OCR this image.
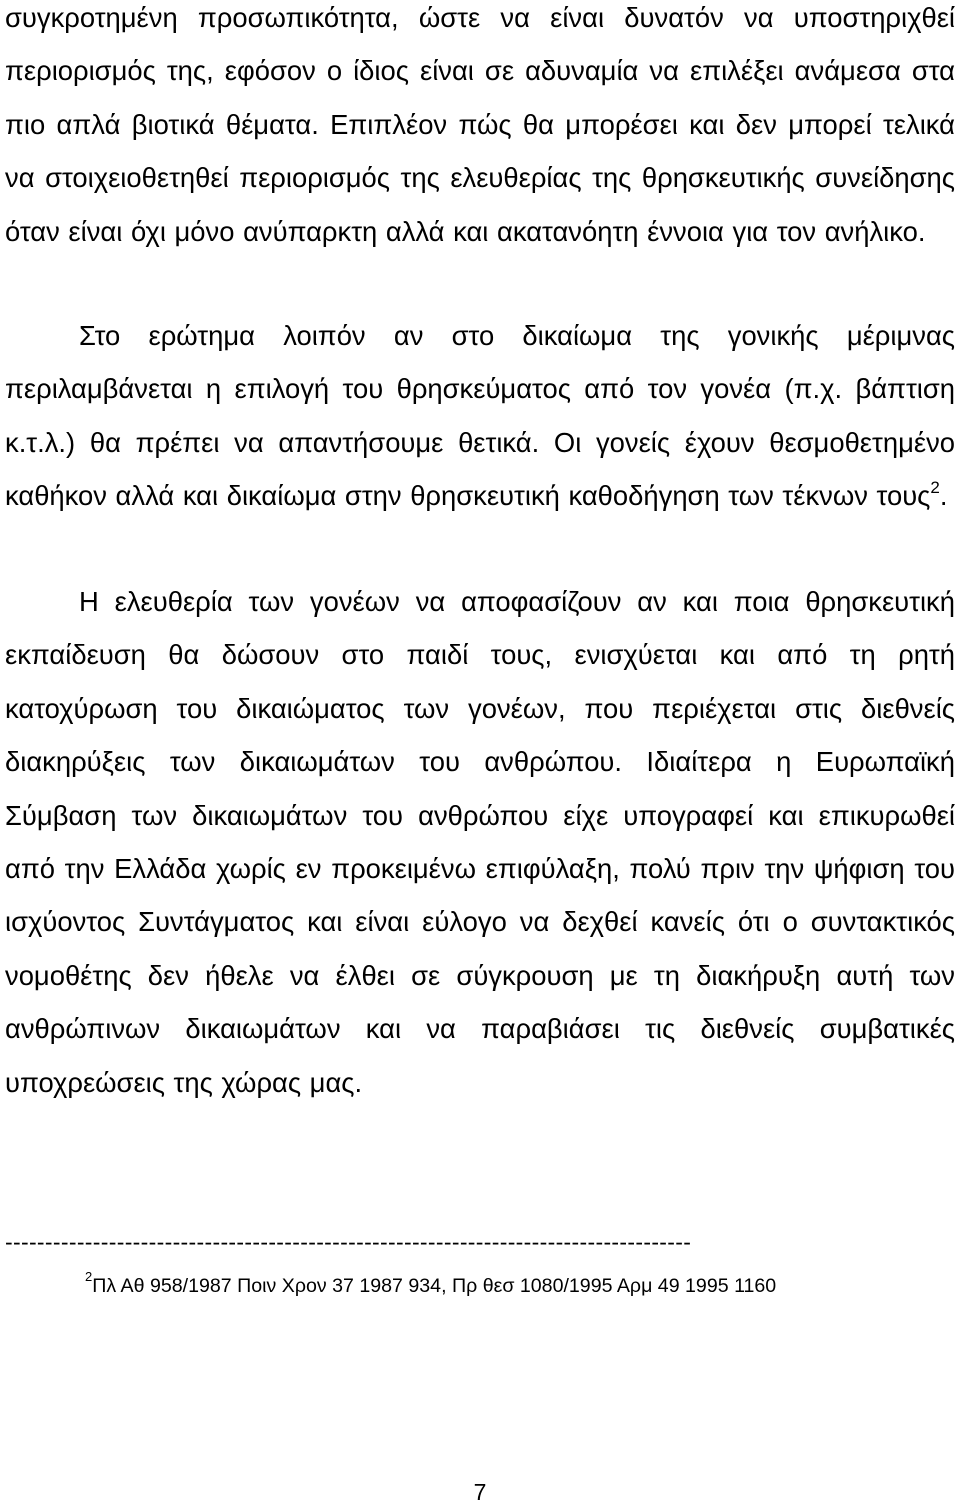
συγκροτημένη προσωπικότητα, ώστε να είναι δυνατόν να υποστηριχθεί περιορισμός της, εφόσον ο ίδιος είναι σε αδυναμία να επιλέξει ανάμεσα στα πιο απλά βιοτικά θέματα. Επιπλέον πώς θα μπορέσει και δεν μπορεί τελικά να στοιχειοθετηθεί περιορισμός της ελευθερίας της θρησκευτικής συνείδησης όταν είναι όχι μόνο ανύπαρκτη αλλά και ακατανόητη έννοια για τον ανήλικο.

Στο ερώτημα λοιπόν αν στο δικαίωμα της γονικής μέριμνας περιλαμβάνεται η επιλογή του θρησκεύματος από τον γονέα (π.χ. βάπτιση κ.τ.λ.) θα πρέπει να απαντήσουμε θετικά. Οι γονείς έχουν θεσμοθετημένο καθήκον αλλά και δικαίωμα στην θρησκευτική καθοδήγηση των τέκνων τους$^2$.

Η ελευθερία των γονέων να αποφασίζουν αν και ποια θρησκευτική εκπαίδευση θα δώσουν στο παιδί τους, ενισχύεται και από τη ρητή κατοχύρωση του δικαιώματος των γονέων, που περιέχεται στις διεθνείς διακηρύξεις των δικαιωμάτων του ανθρώπου. Ιδιαίτερα η Ευρωπαϊκή Σύμβαση των δικαιωμάτων του ανθρώπου είχε υπογραφεί και επικυρωθεί από την Ελλάδα χωρίς εν προκειμένω επιφύλαξη, πολύ πριν την ψήφιση του ισχύοντος Συντάγματος και είναι εύλογο να δεχθεί κανείς ότι ο συντακτικός νομοθέτης δεν ήθελε να έλθει σε σύγκρουση με τη διακήρυξη αυτή των ανθρώπινων δικαιωμάτων και να παραβιάσει τις διεθνείς συμβατικές υποχρεώσεις της χώρας μας.

--------------------------------------------------------------------------------------
$^2$Πλ Αθ 958/1987 Ποιν Χρον 37 1987 934, Πρ θεσ 1080/1995 Αρμ 49 1995 1160
7
